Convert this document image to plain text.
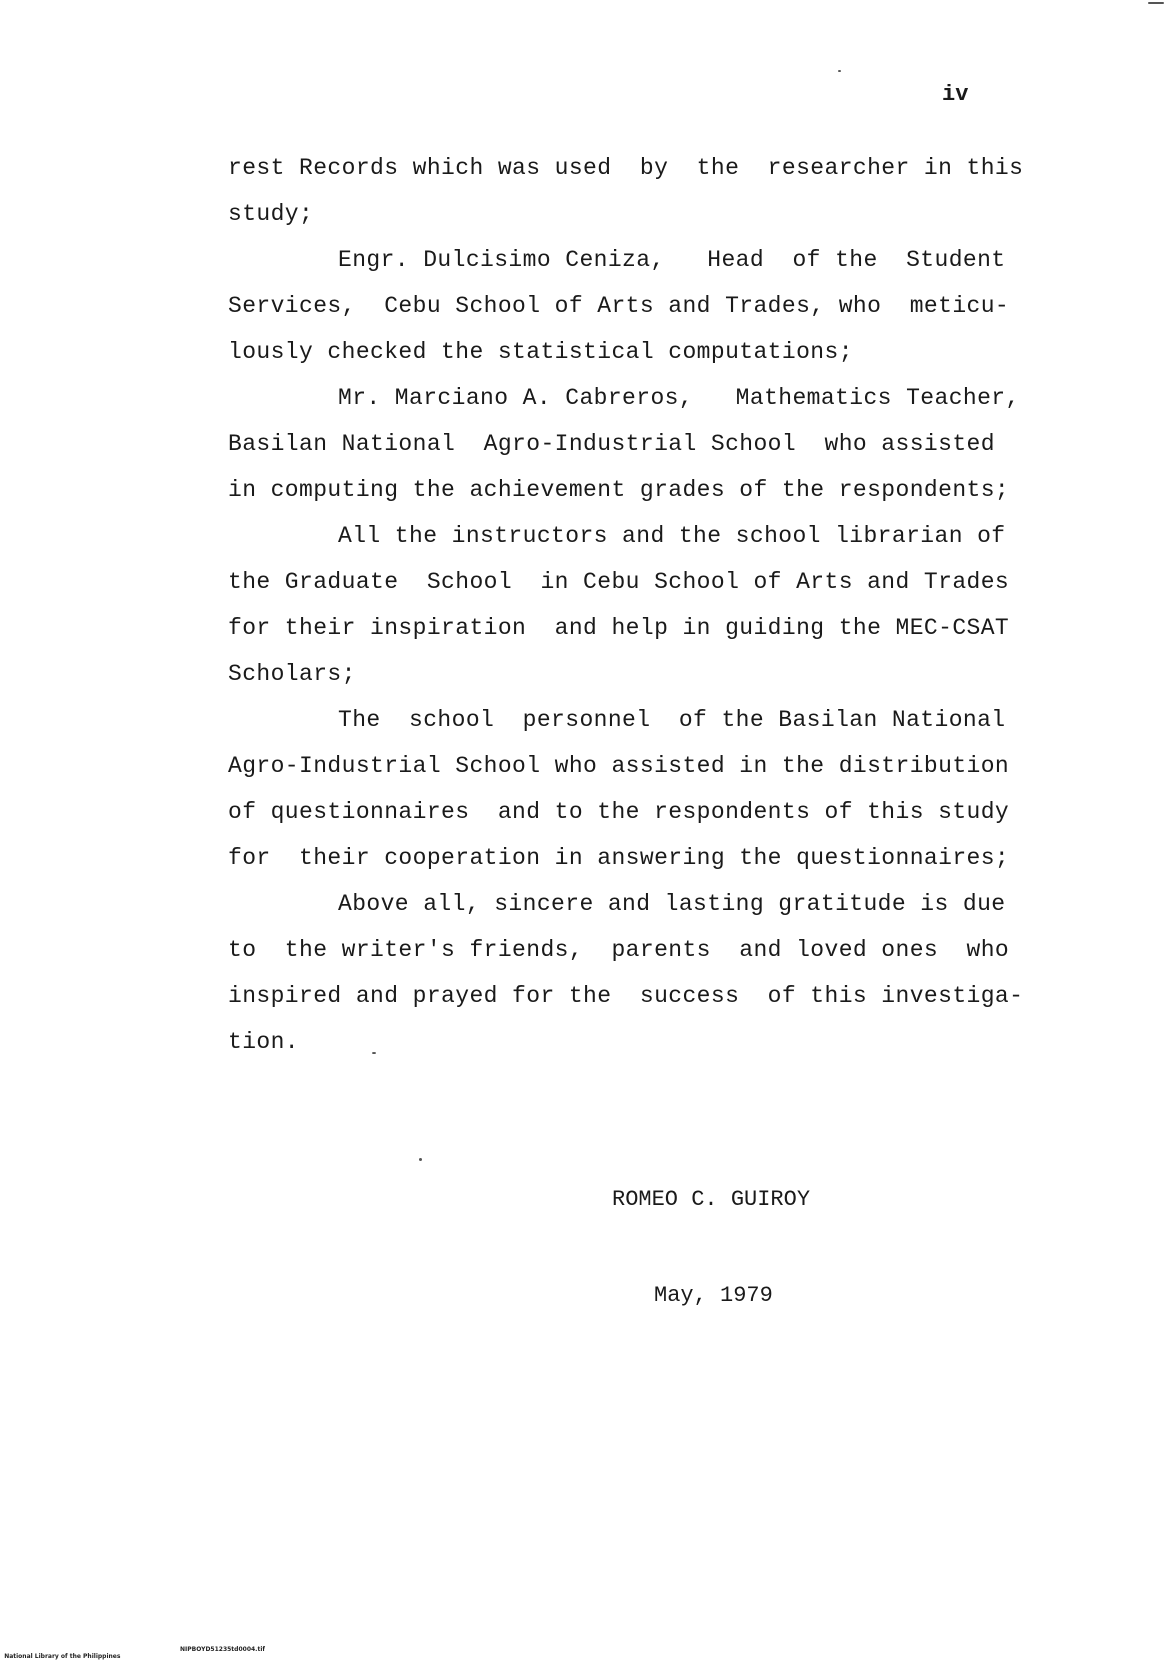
iv
rest Records which was used  by  the  researcher in this
study;
Engr. Dulcisimo Ceniza,   Head  of the  Student
Services,  Cebu School of Arts and Trades, who  meticu-
lously checked the statistical computations;
Mr. Marciano A. Cabreros,   Mathematics Teacher,
Basilan National  Agro-Industrial School  who assisted
in computing the achievement grades of the respondents;
All the instructors and the school librarian of
the Graduate  School  in Cebu School of Arts and Trades
for their inspiration  and help in guiding the MEC-CSAT
Scholars;
The  school  personnel  of the Basilan National
Agro-Industrial School who assisted in the distribution
of questionnaires  and to the respondents of this study
for  their cooperation in answering the questionnaires;
Above all, sincere and lasting gratitude is due
to  the writer's friends,  parents  and loved ones  who
inspired and prayed for the  success  of this investiga-
tion.

ROMEO C. GUIROY

May, 1979

National Library of the Philippines

NIPBOYD51235td0004.tif
